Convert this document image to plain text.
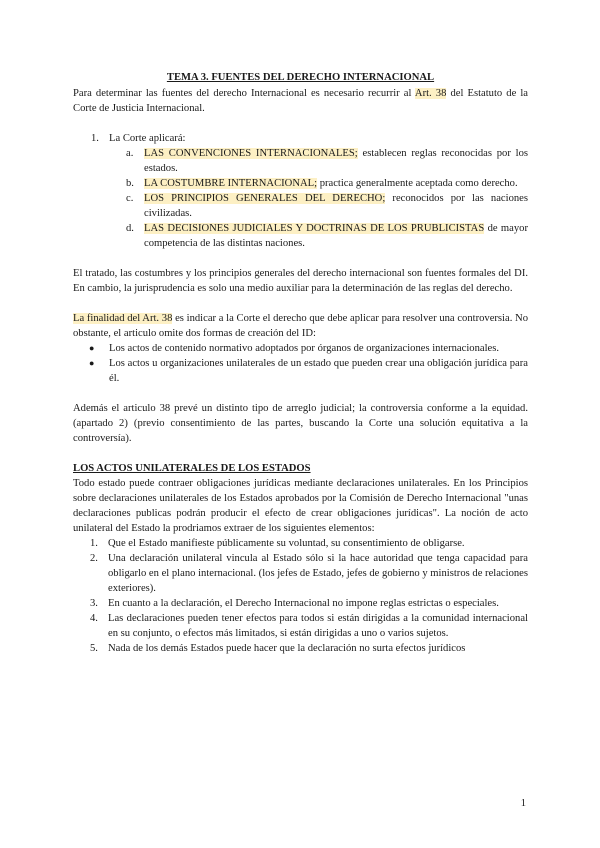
TEMA 3. FUENTES DEL DERECHO INTERNACIONAL

Para determinar las fuentes del derecho Internacional es necesario recurrir al Art. 38 del Estatuto de la Corte de Justicia Internacional.

1. La Corte aplicará:
a. LAS CONVENCIONES INTERNACIONALES; establecen reglas reconocidas por los estados.
b. LA COSTUMBRE INTERNACIONAL; practica generalmente aceptada como derecho.
c. LOS PRINCIPIOS GENERALES DEL DERECHO; reconocidos por las naciones civilizadas.
d. LAS DECISIONES JUDICIALES Y DOCTRINAS DE LOS PRUBLICISTAS de mayor competencia de las distintas naciones.

El tratado, las costumbres y los principios generales del derecho internacional son fuentes formales del DI. En cambio, la jurisprudencia es solo una medio auxiliar para la determinación de las reglas del derecho.

La finalidad del Art. 38 es indicar a la Corte el derecho que debe aplicar para resolver una controversia. No obstante, el articulo omite dos formas de creación del ID:

● Los actos de contenido normativo adoptados por órganos de organizaciones internacionales.
● Los actos u organizaciones unilaterales de un estado que pueden crear una obligación jurídica para él.

Además el articulo 38 prevé un distinto tipo de arreglo judicial; la controversia conforme a la equidad. (apartado 2) (previo consentimiento de las partes, buscando la Corte una solución equitativa a la controversía).

LOS ACTOS UNILATERALES DE LOS ESTADOS

Todo estado puede contraer obligaciones jurídicas mediante declaraciones unilaterales. En los Principios sobre declaraciones unilaterales de los Estados aprobados por la Comisión de Derecho Internacional "unas declaraciones publicas podrán producir el efecto de crear obligaciones jurídicas". La noción de acto unilateral del Estado la prodriamos extraer de los siguientes elementos:

1. Que el Estado manifieste públicamente su voluntad, su consentimiento de obligarse.
2. Una declaración unilateral vincula al Estado sólo si la hace autoridad que tenga capacidad para obligarlo en el plano internacional. (los jefes de Estado, jefes de gobierno y ministros de relaciones exteriores).
3. En cuanto a la declaración, el Derecho Internacional no impone reglas estrictas o especiales.
4. Las declaraciones pueden tener efectos para todos si están dirigidas a la comunidad internacional en su conjunto, o efectos más limitados, si están dirigidas a uno o varios sujetos.
5. Nada de los demás Estados puede hacer que la declaración no surta efectos jurídicos
1
